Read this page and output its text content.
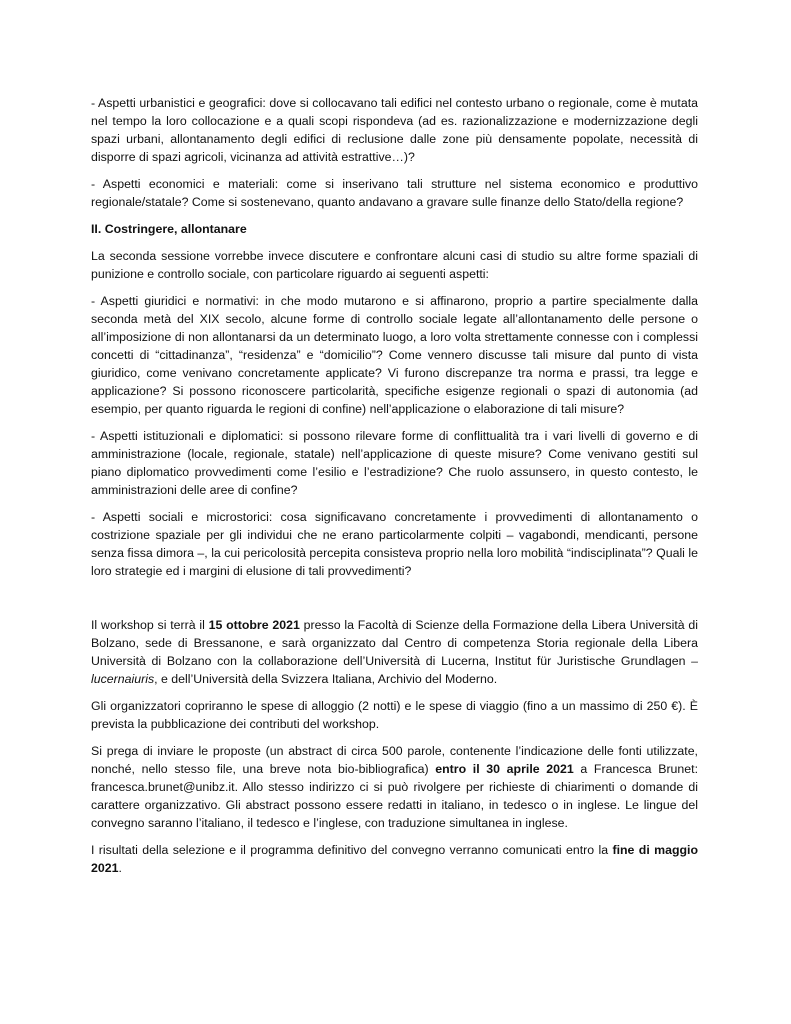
- Aspetti urbanistici e geografici: dove si collocavano tali edifici nel contesto urbano o regionale, come è mutata nel tempo la loro collocazione e a quali scopi rispondeva (ad es. razionalizzazione e modernizzazione degli spazi urbani, allontanamento degli edifici di reclusione dalle zone più densamente popolate, necessità di disporre di spazi agricoli, vicinanza ad attività estrattive…)?

- Aspetti economici e materiali: come si inserivano tali strutture nel sistema economico e produttivo regionale/statale? Come si sostenevano, quanto andavano a gravare sulle finanze dello Stato/della regione?

II. Costringere, allontanare

La seconda sessione vorrebbe invece discutere e confrontare alcuni casi di studio su altre forme spaziali di punizione e controllo sociale, con particolare riguardo ai seguenti aspetti:

- Aspetti giuridici e normativi: in che modo mutarono e si affinarono, proprio a partire specialmente dalla seconda metà del XIX secolo, alcune forme di controllo sociale legate all’allontanamento delle persone o all’imposizione di non allontanarsi da un determinato luogo, a loro volta strettamente connesse con i complessi concetti di “cittadinanza”, “residenza” e “domicilio”? Come vennero discusse tali misure dal punto di vista giuridico, come venivano concretamente applicate? Vi furono discrepanze tra norma e prassi, tra legge e applicazione? Si possono riconoscere particolarità, specifiche esigenze regionali o spazi di autonomia (ad esempio, per quanto riguarda le regioni di confine) nell’applicazione o elaborazione di tali misure?

- Aspetti istituzionali e diplomatici: si possono rilevare forme di conflittualità tra i vari livelli di governo e di amministrazione (locale, regionale, statale) nell’applicazione di queste misure? Come venivano gestiti sul piano diplomatico provvedimenti come l’esilio e l’estradizione? Che ruolo assunsero, in questo contesto, le amministrazioni delle aree di confine?

- Aspetti sociali e microstorici: cosa significavano concretamente i provvedimenti di allontanamento o costrizione spaziale per gli individui che ne erano particolarmente colpiti – vagabondi, mendicanti, persone senza fissa dimora –, la cui pericolosità percepita consisteva proprio nella loro mobilità “indisciplinata”? Quali le loro strategie ed i margini di elusione di tali provvedimenti?

Il workshop si terrà il 15 ottobre 2021 presso la Facoltà di Scienze della Formazione della Libera Università di Bolzano, sede di Bressanone, e sarà organizzato dal Centro di competenza Storia regionale della Libera Università di Bolzano con la collaborazione dell’Università di Lucerna, Institut für Juristische Grundlagen – lucernaiuris, e dell’Università della Svizzera Italiana, Archivio del Moderno.

Gli organizzatori copriranno le spese di alloggio (2 notti) e le spese di viaggio (fino a un massimo di 250 €). È prevista la pubblicazione dei contributi del workshop.

Si prega di inviare le proposte (un abstract di circa 500 parole, contenente l’indicazione delle fonti utilizzate, nonché, nello stesso file, una breve nota bio-bibliografica) entro il 30 aprile 2021 a Francesca Brunet: francesca.brunet@unibz.it. Allo stesso indirizzo ci si può rivolgere per richieste di chiarimenti o domande di carattere organizzativo. Gli abstract possono essere redatti in italiano, in tedesco o in inglese. Le lingue del convegno saranno l’italiano, il tedesco e l’inglese, con traduzione simultanea in inglese.

I risultati della selezione e il programma definitivo del convegno verranno comunicati entro la fine di maggio 2021.
